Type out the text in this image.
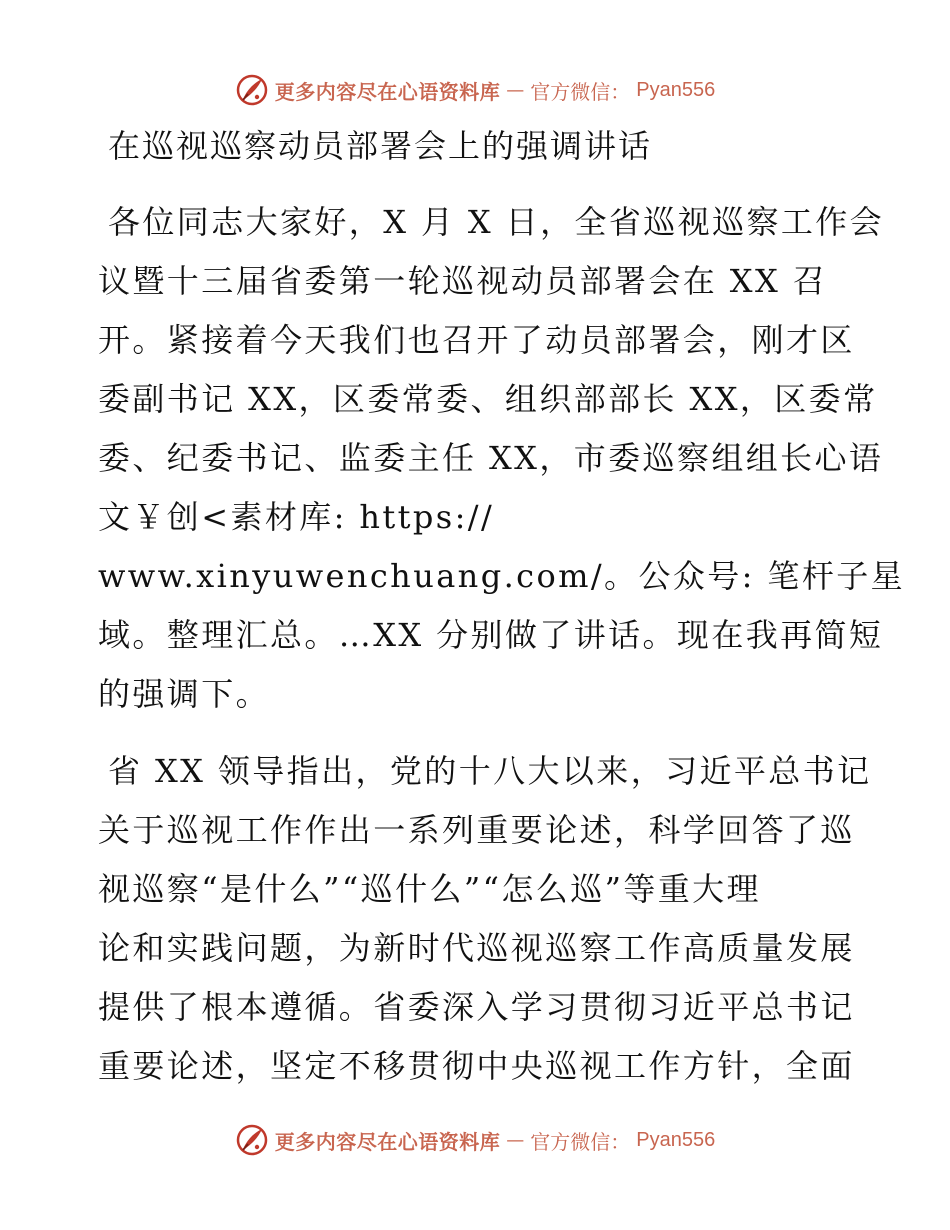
更多内容尽在心语资料库 — 官方微信： Pyan556
在巡视巡察动员部署会上的强调讲话
各位同志大家好，X 月 X 日，全省巡视巡察工作会
议暨十三届省委第一轮巡视动员部署会在 XX 召
开。紧接着今天我们也召开了动员部署会，刚才区
委副书记 XX，区委常委、组织部部长 XX，区委常
委、纪委书记、监委主任 XX，市委巡察组组长心语
文￥创<素材库: https://
www.xinyuwenchuang.com/。公众号: 笔杆子星
域。整理汇总。…XX 分别做了讲话。现在我再简短
的强调下。
省 XX 领导指出，党的十八大以来，习近平总书记
关于巡视工作作出一系列重要论述，科学回答了巡
视巡察“是什么”“巡什么”“怎么巡”等重大理
论和实践问题，为新时代巡视巡察工作高质量发展
提供了根本遵循。省委深入学习贯彻习近平总书记
重要论述，坚定不移贯彻中央巡视工作方针，全面
更多内容尽在心语资料库 — 官方微信： Pyan556
